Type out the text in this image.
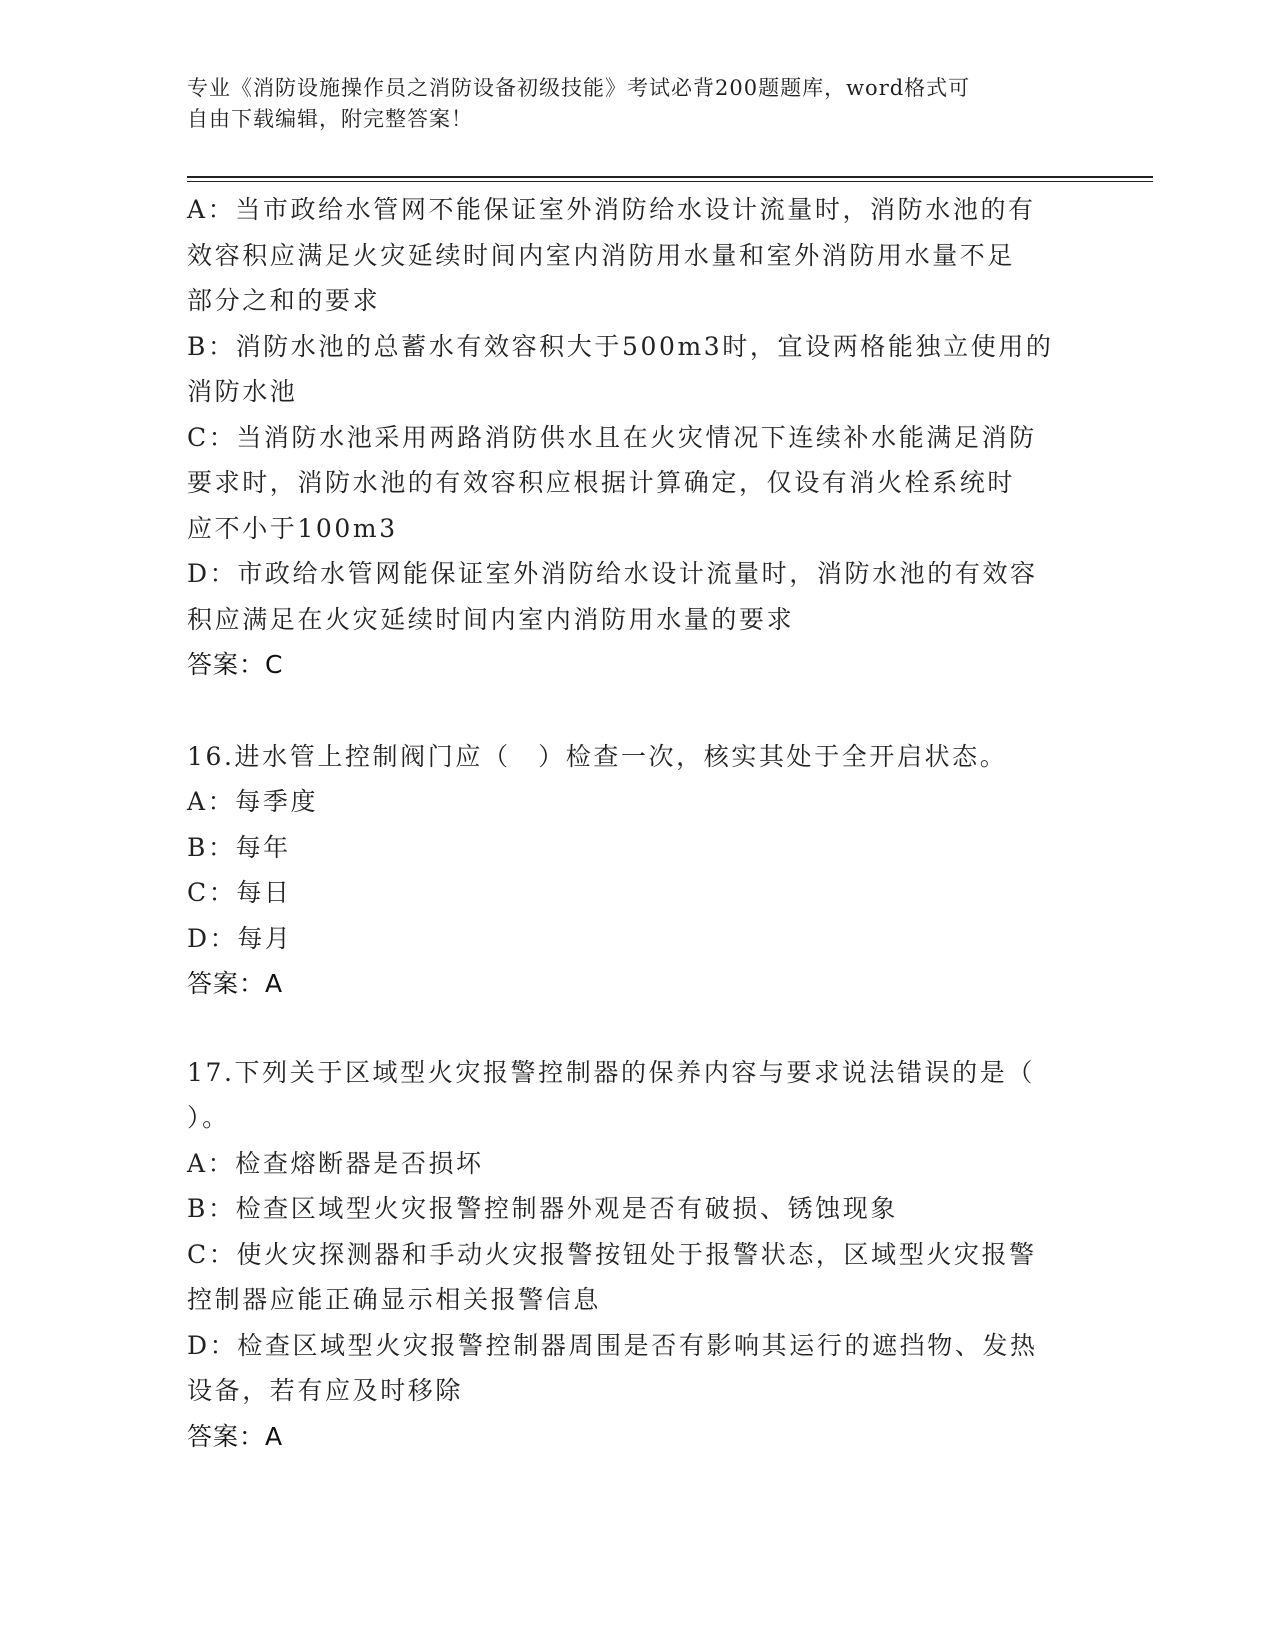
专业《消防设施操作员之消防设备初级技能》考试必背200题题库，word格式可
自由下载编辑，附完整答案！
A：当市政给水管网不能保证室外消防给水设计流量时，消防水池的有
效容积应满足火灾延续时间内室内消防用水量和室外消防用水量不足
部分之和的要求
B：消防水池的总蓄水有效容积大于500m3时，宜设两格能独立使用的
消防水池
C：当消防水池采用两路消防供水且在火灾情况下连续补水能满足消防
要求时，消防水池的有效容积应根据计算确定，仅设有消火栓系统时
应不小于100m3
D：市政给水管网能保证室外消防给水设计流量时，消防水池的有效容
积应满足在火灾延续时间内室内消防用水量的要求
答案：C
16.进水管上控制阀门应（　）检查一次，核实其处于全开启状态。
A：每季度
B：每年
C：每日
D：每月
答案：A
17.下列关于区域型火灾报警控制器的保养内容与要求说法错误的是（
）。
A：检查熔断器是否损坏
B：检查区域型火灾报警控制器外观是否有破损、锈蚀现象
C：使火灾探测器和手动火灾报警按钮处于报警状态，区域型火灾报警
控制器应能正确显示相关报警信息
D：检查区域型火灾报警控制器周围是否有影响其运行的遮挡物、发热
设备，若有应及时移除
答案：A
